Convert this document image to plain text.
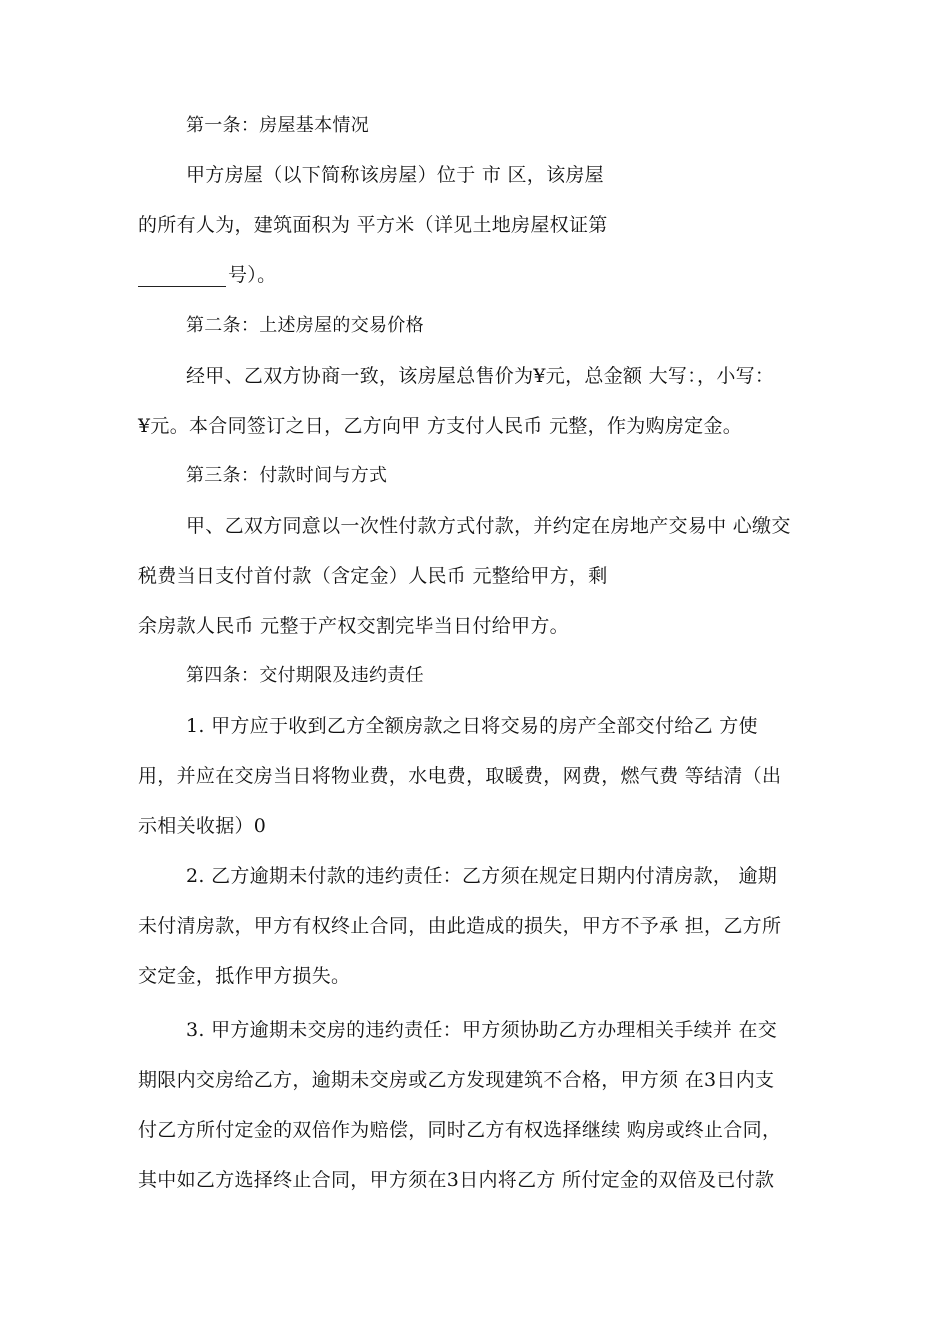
第一条：房屋基本情况
甲方房屋（以下简称该房屋）位于 市 区，该房屋
的所有人为，建筑面积为 平方米（详见土地房屋权证第
号）。
第二条：上述房屋的交易价格
经甲、乙双方协商一致，该房屋总售价为¥元，总金额 大写：，小写：
¥元。本合同签订之日，乙方向甲 方支付人民币 元整，作为购房定金。
第三条：付款时间与方式
甲、乙双方同意以一次性付款方式付款，并约定在房地产交易中 心缴交
税费当日支付首付款（含定金）人民币 元整给甲方，剩
余房款人民币 元整于产权交割完毕当日付给甲方。
第四条：交付期限及违约责任
1. 甲方应于收到乙方全额房款之日将交易的房产全部交付给乙 方使
用，并应在交房当日将物业费，水电费，取暖费，网费，燃气费 等结清（出
示相关收据）0
2. 乙方逾期未付款的违约责任：乙方须在规定日期内付清房款， 逾期
未付清房款，甲方有权终止合同，由此造成的损失，甲方不予承 担，乙方所
交定金，抵作甲方损失。
3. 甲方逾期未交房的违约责任：甲方须协助乙方办理相关手续并 在交
期限内交房给乙方，逾期未交房或乙方发现建筑不合格，甲方须 在3日内支
付乙方所付定金的双倍作为赔偿，同时乙方有权选择继续 购房或终止合同，
其中如乙方选择终止合同，甲方须在3日内将乙方 所付定金的双倍及已付款
